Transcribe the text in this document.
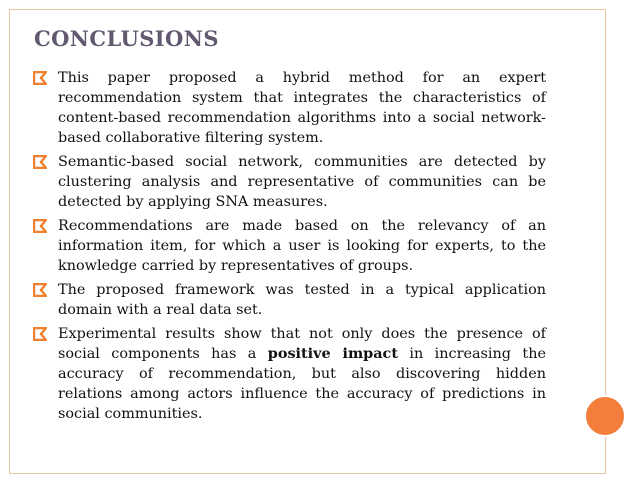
CONCLUSIONS
This paper proposed a hybrid method for an expert recommendation system that integrates the characteristics of content-based recommendation algorithms into a social network-based collaborative filtering system.
Semantic-based social network, communities are detected by clustering analysis and representative of communities can be detected by applying SNA measures.
Recommendations are made based on the relevancy of an information item, for which a user is looking for experts, to the knowledge carried by representatives of groups.
The proposed framework was tested in a typical application domain with a real data set.
Experimental results show that not only does the presence of social components has a positive impact in increasing the accuracy of recommendation, but also discovering hidden relations among actors influence the accuracy of predictions in social communities.
